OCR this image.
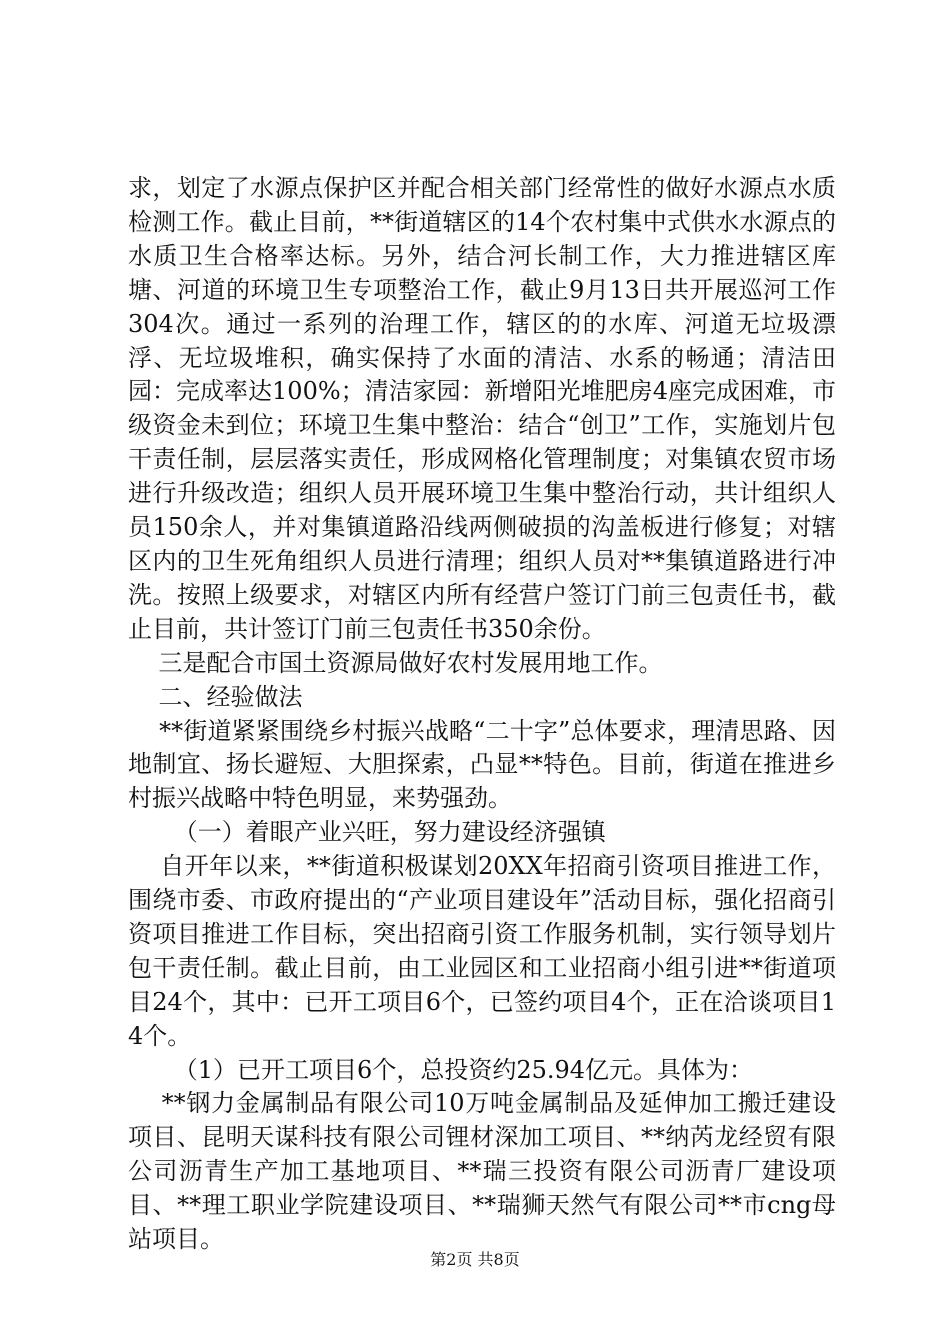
求，划定了水源点保护区并配合相关部门经常性的做好水源点水质检测工作。截止目前，**街道辖区的14个农村集中式供水水源点的水质卫生合格率达标。另外，结合河长制工作，大力推进辖区库塘、河道的环境卫生专项整治工作，截止9月13日共开展巡河工作304次。通过一系列的治理工作，辖区的的水库、河道无垃圾漂浮、无垃圾堆积，确实保持了水面的清洁、水系的畅通；清洁田园：完成率达100%；清洁家园：新增阳光堆肥房4座完成困难，市级资金未到位；环境卫生集中整治：结合“创卫”工作，实施划片包干责任制，层层落实责任，形成网格化管理制度；对集镇农贸市场进行升级改造；组织人员开展环境卫生集中整治行动，共计组织人员150余人，并对集镇道路沿线两侧破损的沟盖板进行修复；对辖区内的卫生死角组织人员进行清理；组织人员对**集镇道路进行冲洗。按照上级要求，对辖区内所有经营户签订门前三包责任书，截止目前，共计签订门前三包责任书350余份。

三是配合市国土资源局做好农村发展用地工作。

二、经验做法

**街道紧紧围绕乡村振兴战略“二十字”总体要求，理清思路、因地制宜、扬长避短、大胆探索，凸显**特色。目前，街道在推进乡村振兴战略中特色明显，来势强劲。

（一）着眼产业兴旺，努力建设经济强镇

自开年以来，**街道积极谋划20XX年招商引资项目推进工作，围绕市委、市政府提出的“产业项目建设年”活动目标，强化招商引资项目推进工作目标，突出招商引资工作服务机制，实行领导划片包干责任制。截止目前，由工业园区和工业招商小组引进**街道项目24个，其中：已开工项目6个，已签约项目4个，正在洽谈项目14个。

（1）已开工项目6个，总投资约25.94亿元。具体为：

**钢力金属制品有限公司10万吨金属制品及延伸加工搬迁建设项目、昆明天谋科技有限公司锂材深加工项目、**纳芮龙经贸有限公司沥青生产加工基地项目、**瑞三投资有限公司沥青厂建设项目、**理工职业学院建设项目、**瑞狮天然气有限公司**市cng母站项目。

第2页 共8页
